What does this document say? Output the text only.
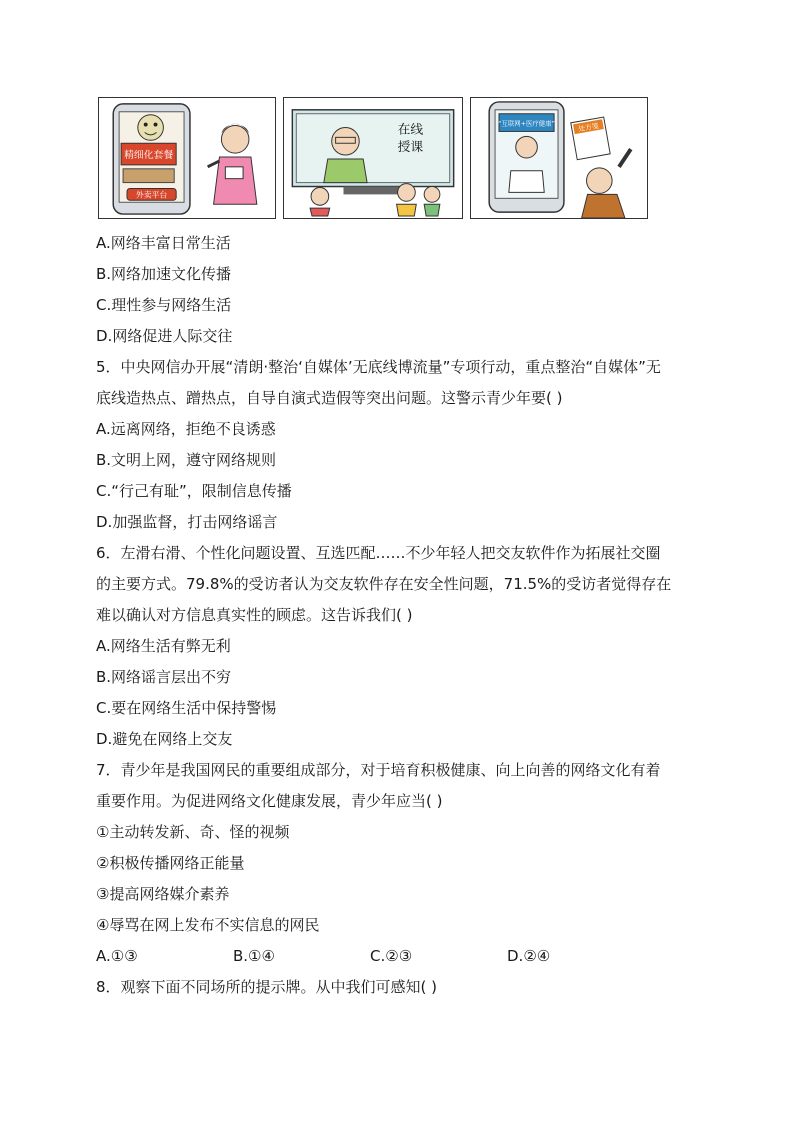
精细化套餐
外卖平台
在线
授课
“互联网+医疗健康”	处方笺
A.网络丰富日常生活
B.网络加速文化传播
C.理性参与网络生活
D.网络促进人际交往
5．中央网信办开展“清朗·整治‘自媒体’无底线博流量”专项行动，重点整治“自媒体”无
底线造热点、蹭热点，自导自演式造假等突出问题。这警示青少年要( )
A.远离网络，拒绝不良诱惑
B.文明上网，遵守网络规则
C.“行己有耻”，限制信息传播
D.加强监督，打击网络谣言
6．左滑右滑、个性化问题设置、互选匹配……不少年轻人把交友软件作为拓展社交圈
的主要方式。79.8%的受访者认为交友软件存在安全性问题，71.5%的受访者觉得存在
难以确认对方信息真实性的顾虑。这告诉我们( )
A.网络生活有弊无利
B.网络谣言层出不穷
C.要在网络生活中保持警惕
D.避免在网络上交友
7．青少年是我国网民的重要组成部分，对于培育积极健康、向上向善的网络文化有着
重要作用。为促进网络文化健康发展，青少年应当( )
①主动转发新、奇、怪的视频
②积极传播网络正能量
③提高网络媒介素养
④辱骂在网上发布不实信息的网民
A.①③	B.①④	C.②③	D.②④
8．观察下面不同场所的提示牌。从中我们可感知( )
